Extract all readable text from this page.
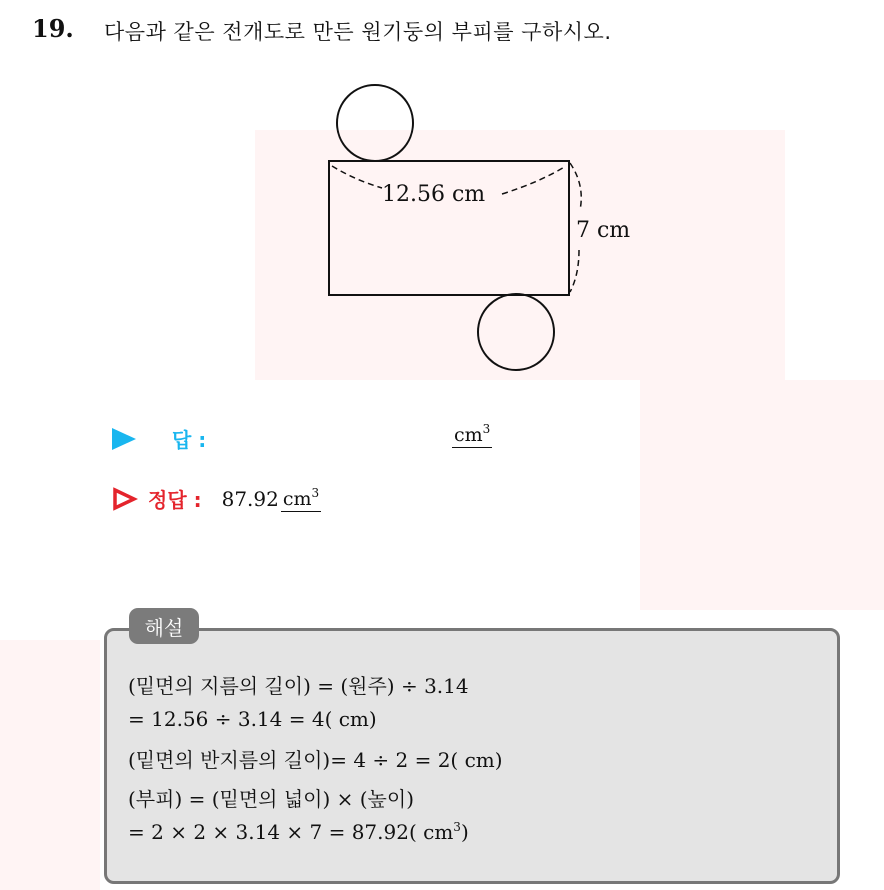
19. 다음과 같은 전개도로 만든 원기둥의 부피를 구하시오.
12.56 cm
7 cm
답 :	$cm^3$
정답 : 87.92 $cm^3$
해설
(밑면의 지름의 길이) = (원주) ÷ 3.14
= 12.56 ÷ 3.14 = 4( cm)
(밑면의 반지름의 길이)= 4 ÷ 2 = 2( cm)
(부피) = (밑면의 넓이) × (높이)
= 2 × 2 × 3.14 × 7 = 87.92( $cm^3$)
